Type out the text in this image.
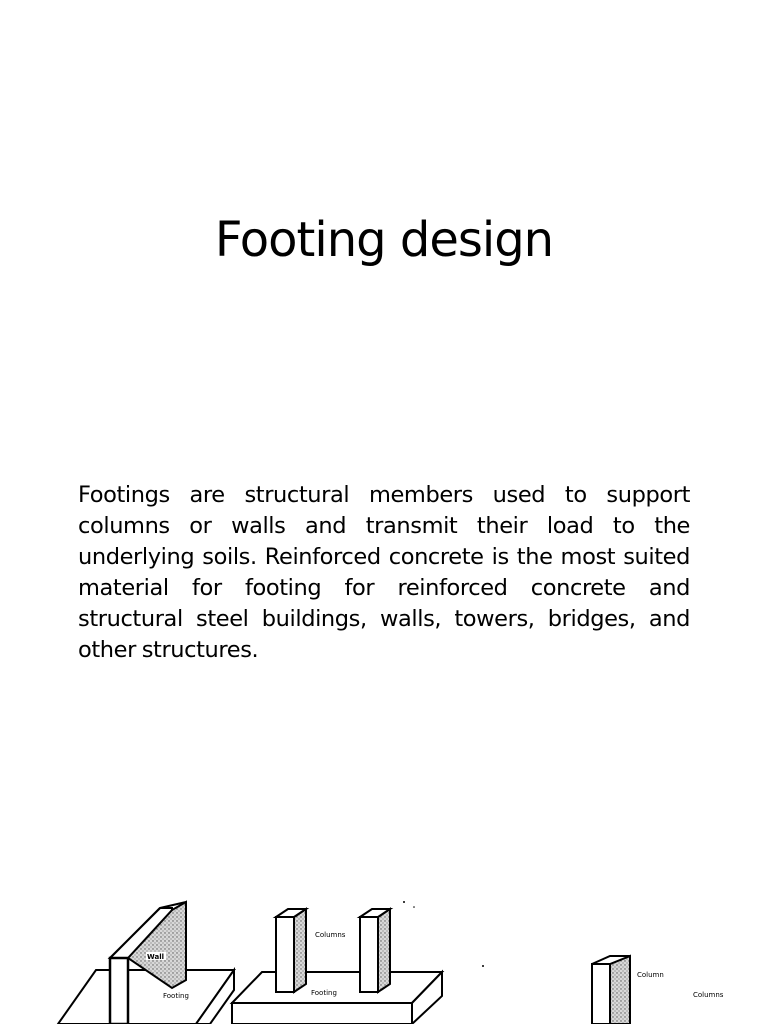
Footing design

Footings are structural members used to support columns or walls and transmit their load to the underlying soils. Reinforced concrete is the most suited material for footing for reinforced concrete and structural steel buildings, walls, towers, bridges, and other structures.

Wall
Footing
Columns
Footing
Column
Columns
